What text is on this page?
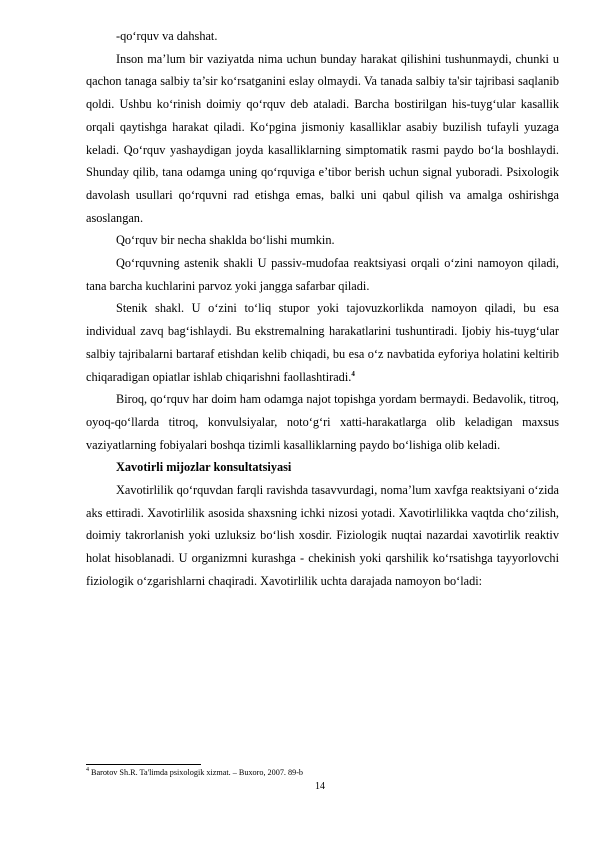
-qo‘rquv va dahshat.

Inson ma’lum bir vaziyatda nima uchun bunday harakat qilishini tushunmaydi, chunki u qachon tanaga salbiy ta’sir ko‘rsatganini eslay olmaydi. Va tanada salbiy ta'sir tajribasi saqlanib qoldi. Ushbu ko‘rinish doimiy qo‘rquv deb ataladi. Barcha bostirilgan his-tuyg‘ular kasallik orqali qaytishga harakat qiladi. Ko‘pgina jismoniy kasalliklar asabiy buzilish tufayli yuzaga keladi. Qo‘rquv yashaydigan joyda kasalliklarning simptomatik rasmi paydo bo‘la boshlaydi. Shunday qilib, tana odamga uning qo‘rquviga e’tibor berish uchun signal yuboradi. Psixologik davolash usullari qo‘rquvni rad etishga emas, balki uni qabul qilish va amalga oshirishga asoslangan.

Qo‘rquv bir necha shaklda bo‘lishi mumkin.

Qo‘rquvning astenik shakli U passiv-mudofaa reaktsiyasi orqali o‘zini namoyon qiladi, tana barcha kuchlarini parvoz yoki jangga safarbar qiladi.

Stenik shakl. U o‘zini to‘liq stupor yoki tajovuzkorlikda namoyon qiladi, bu esa individual zavq bag‘ishlaydi. Bu ekstremalning harakatlarini tushuntiradi. Ijobiy his-tuyg‘ular salbiy tajribalarni bartaraf etishdan kelib chiqadi, bu esa o‘z navbatida eyforiya holatini keltirib chiqaradigan opiatlar ishlab chiqarishni faollashtiradi.$^4$

Biroq, qo‘rquv har doim ham odamga najot topishga yordam bermaydi. Bedavolik, titroq, oyoq-qo‘llarda titroq, konvulsiyalar, noto‘g‘ri xatti-harakatlarga olib keladigan maxsus vaziyatlarning fobiyalari boshqa tizimli kasalliklarning paydo bo‘lishiga olib keladi.

Xavotirli mijozlar konsultatsiyasi

Xavotirlilik qo‘rquvdan farqli ravishda tasavvurdagi, noma’lum xavfga reaktsiyani o‘zida aks ettiradi. Xavotirlilik asosida shaxsning ichki nizosi yotadi. Xavotirlilikka vaqtda cho‘zilish, doimiy takrorlanish yoki uzluksiz bo‘lish xosdir. Fiziologik nuqtai nazardai xavotirlik reaktiv holat hisoblanadi. U organizmni kurashga - chekinish yoki qarshilik ko‘rsatishga tayyorlovchi fiziologik o‘zgarishlarni chaqiradi. Xavotirlilik uchta darajada namoyon bo‘ladi:

$^4$ Barotov Sh.R. Ta'limda psixologik xizmat. – Buxoro, 2007. 89-b
14
